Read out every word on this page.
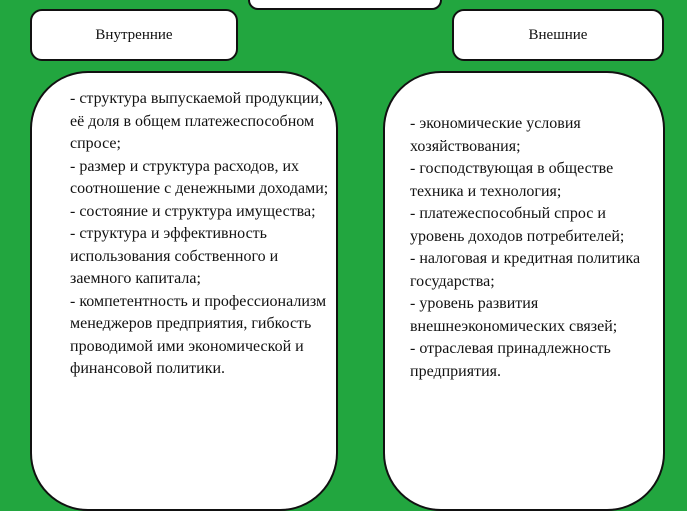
Внутренние	Внешние
- структура выпускаемой продукции, её доля в общем платежеспособном спросе;
- размер и структура расходов, их соотношение с денежными доходами;
- состояние и структура имущества;
- структура и эффективность использования собственного и заемного капитала;
- компетентность и профессионализм менеджеров предприятия, гибкость проводимой ими экономической и финансовой политики.
- экономические условия хозяйствования;
- господствующая в обществе техника и технология;
- платежеспособный спрос и уровень доходов потребителей;
- налоговая и кредитная политика государства;
- уровень развития внешнеэкономических связей;
- отраслевая принадлежность предприятия.
